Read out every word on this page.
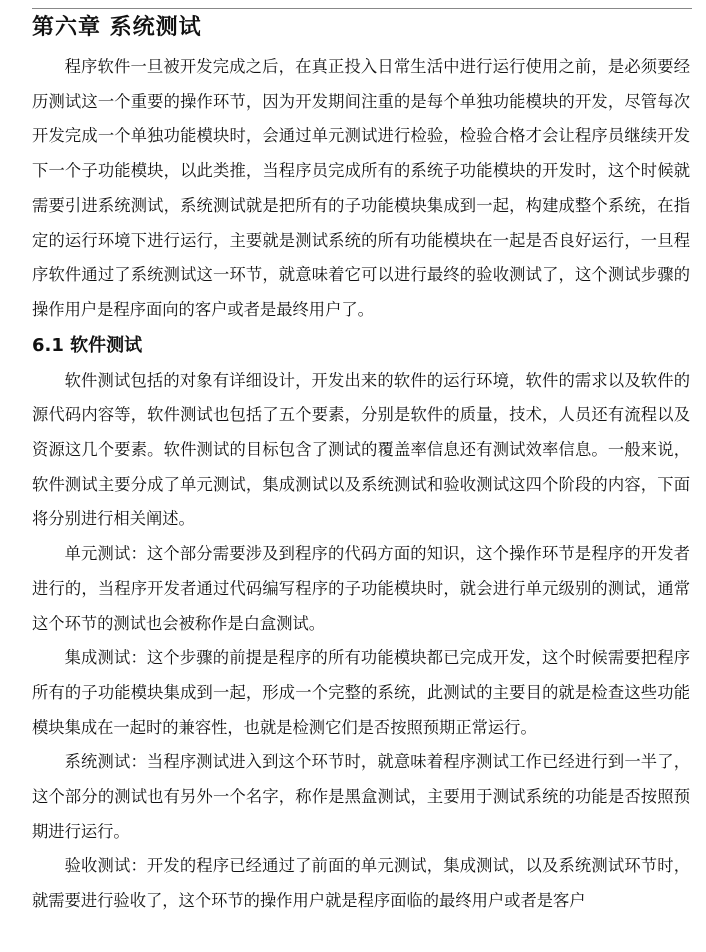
第六章 系统测试

程序软件一旦被开发完成之后，在真正投入日常生活中进行运行使用之前，是必须要经历测试这一个重要的操作环节，因为开发期间注重的是每个单独功能模块的开发，尽管每次开发完成一个单独功能模块时，会通过单元测试进行检验，检验合格才会让程序员继续开发下一个子功能模块，以此类推，当程序员完成所有的系统子功能模块的开发时，这个时候就需要引进系统测试，系统测试就是把所有的子功能模块集成到一起，构建成整个系统，在指定的运行环境下进行运行，主要就是测试系统的所有功能模块在一起是否良好运行，一旦程序软件通过了系统测试这一环节，就意味着它可以进行最终的验收测试了，这个测试步骤的操作用户是程序面向的客户或者是最终用户了。

6.1 软件测试

软件测试包括的对象有详细设计，开发出来的软件的运行环境，软件的需求以及软件的源代码内容等，软件测试也包括了五个要素，分别是软件的质量，技术，人员还有流程以及资源这几个要素。软件测试的目标包含了测试的覆盖率信息还有测试效率信息。一般来说，软件测试主要分成了单元测试，集成测试以及系统测试和验收测试这四个阶段的内容，下面将分别进行相关阐述。

单元测试：这个部分需要涉及到程序的代码方面的知识，这个操作环节是程序的开发者进行的，当程序开发者通过代码编写程序的子功能模块时，就会进行单元级别的测试，通常这个环节的测试也会被称作是白盒测试。

集成测试：这个步骤的前提是程序的所有功能模块都已完成开发，这个时候需要把程序所有的子功能模块集成到一起，形成一个完整的系统，此测试的主要目的就是检查这些功能模块集成在一起时的兼容性，也就是检测它们是否按照预期正常运行。

系统测试：当程序测试进入到这个环节时，就意味着程序测试工作已经进行到一半了，这个部分的测试也有另外一个名字，称作是黑盒测试，主要用于测试系统的功能是否按照预期进行运行。

验收测试：开发的程序已经通过了前面的单元测试，集成测试，以及系统测试环节时，就需要进行验收了，这个环节的操作用户就是程序面临的最终用户或者是客户
